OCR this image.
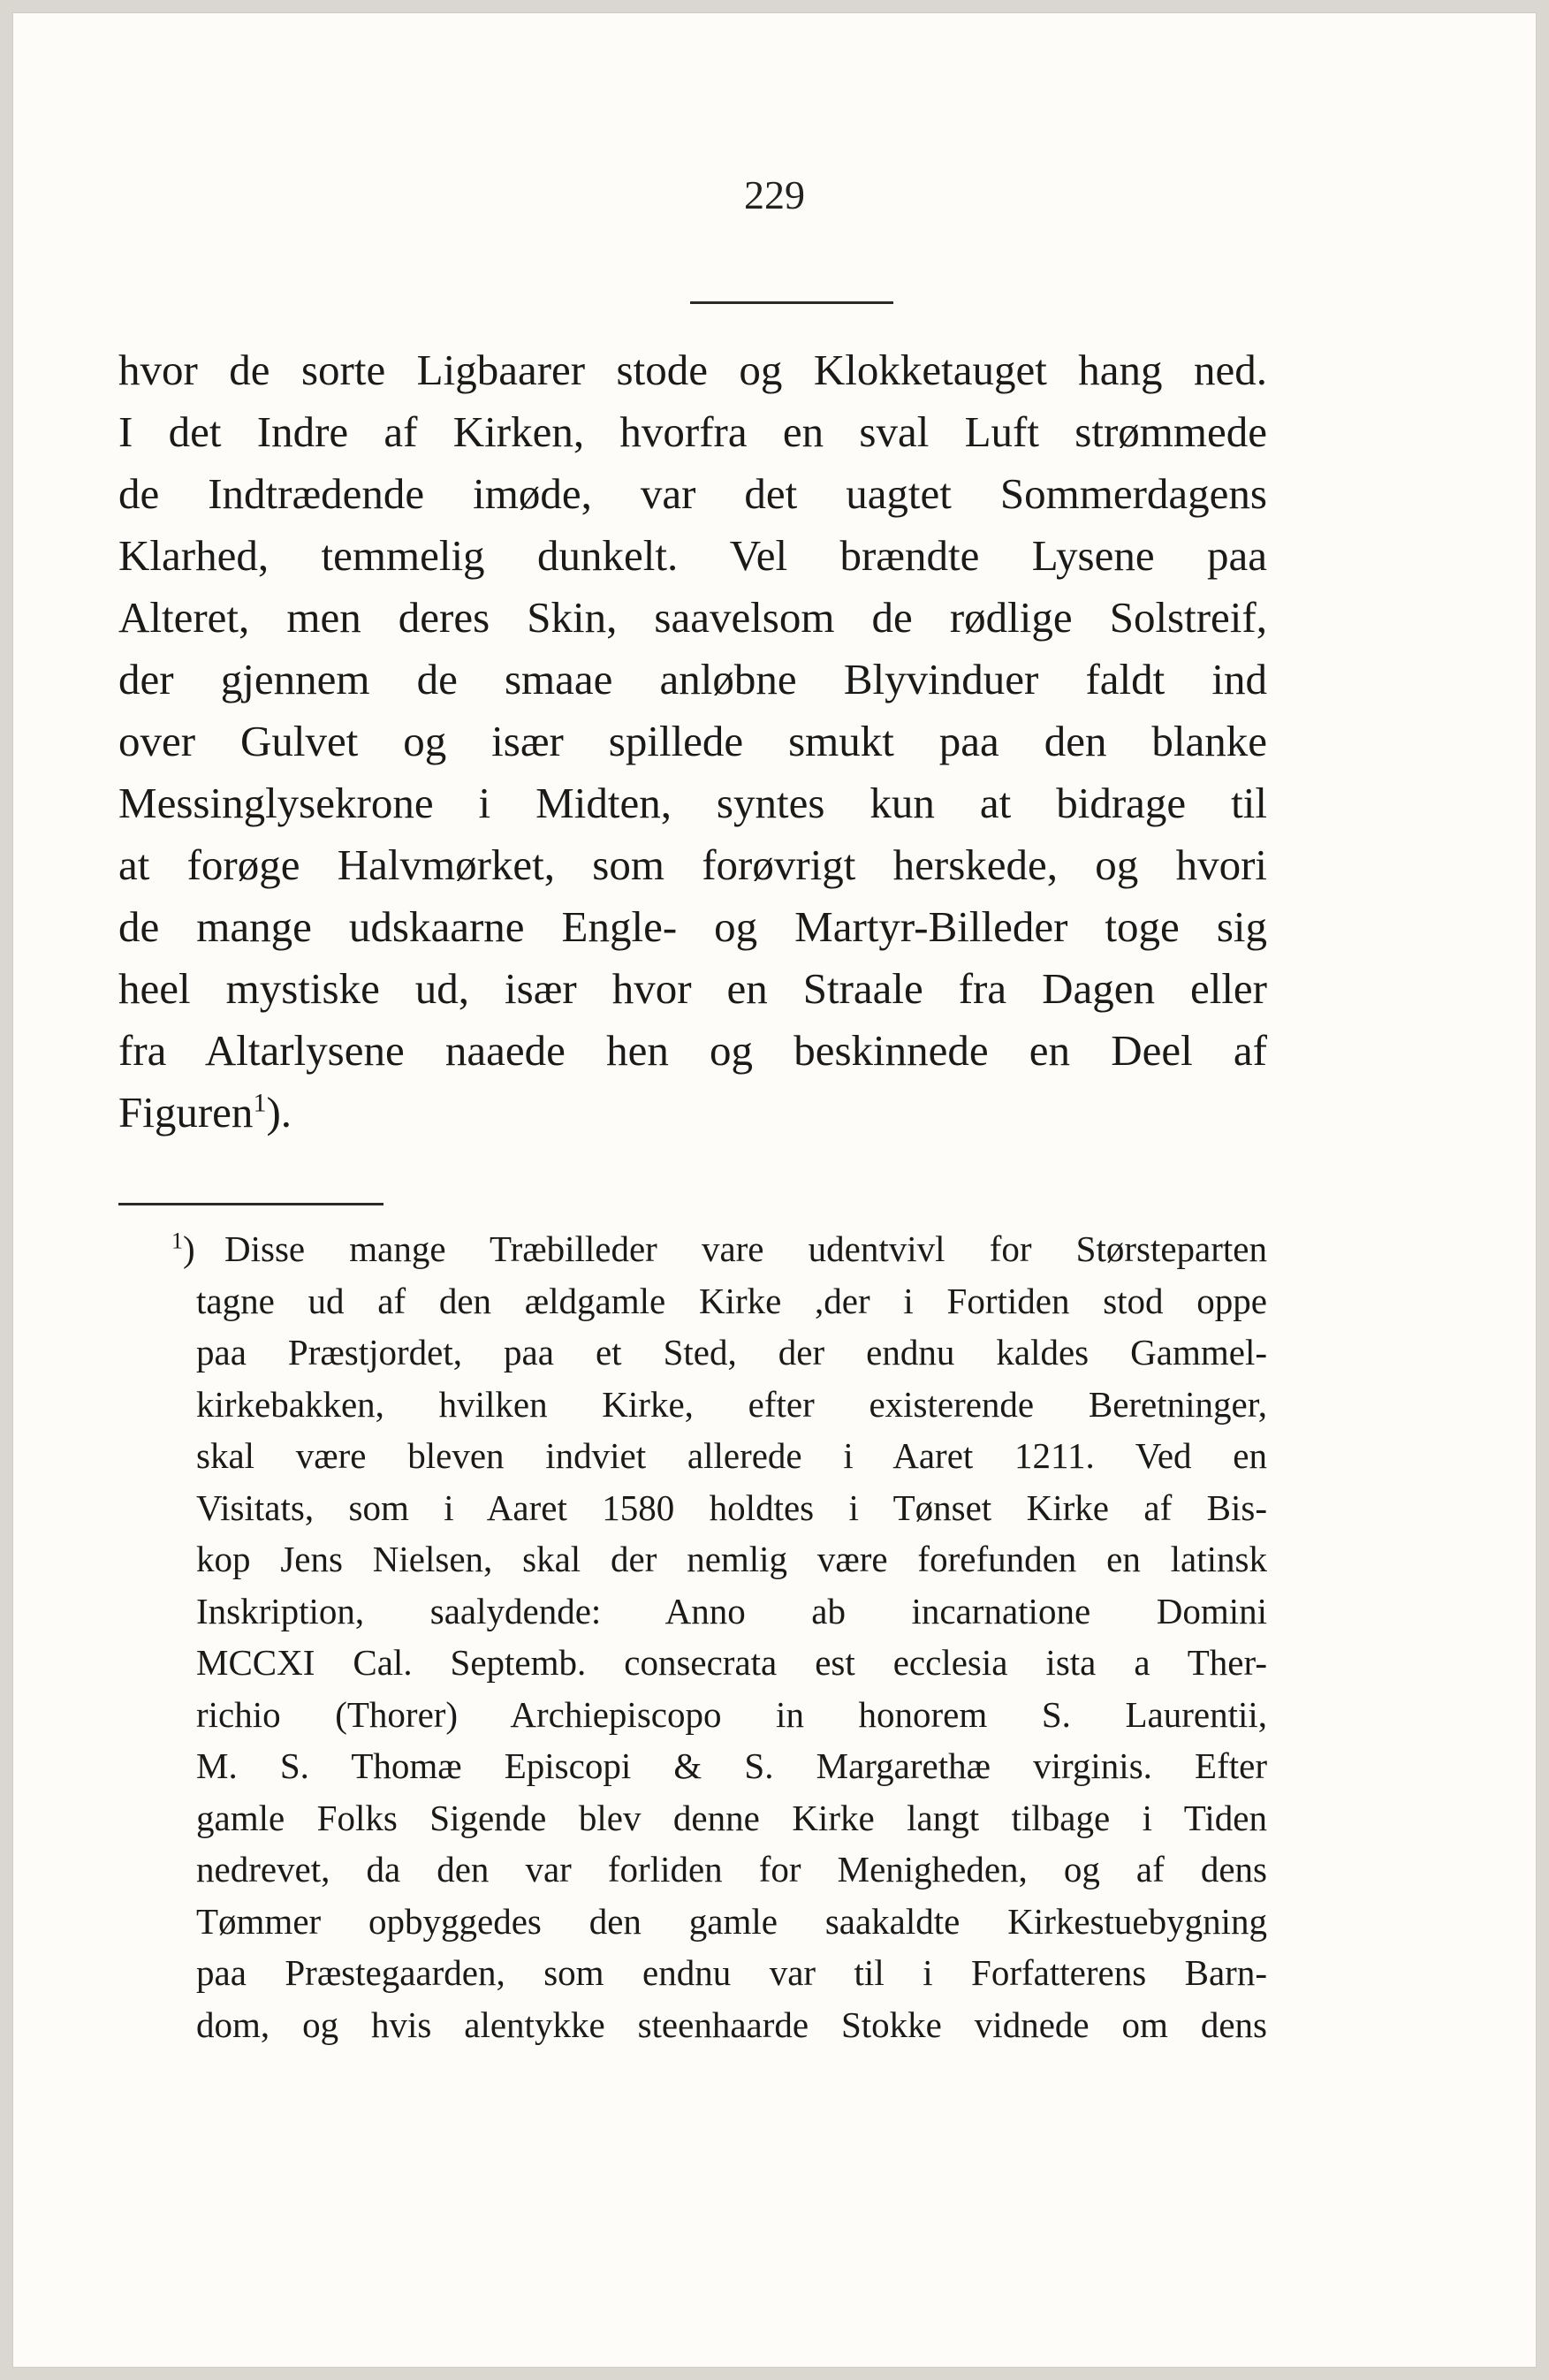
229
hvor de sorte Ligbaarer stode og Klokketauget hang ned.
I det Indre af Kirken, hvorfra en sval Luft strømmede
de Indtrædende imøde, var det uagtet Sommerdagens
Klarhed, temmelig dunkelt. Vel brændte Lysene paa
Alteret, men deres Skin, saavelsom de rødlige Solstreif,
der gjennem de smaae anløbne Blyvinduer faldt ind
over Gulvet og især spillede smukt paa den blanke
Messinglysekrone i Midten, syntes kun at bidrage til
at forøge Halvmørket, som forøvrigt herskede, og hvori
de mange udskaarne Engle- og Martyr-Billeder toge sig
heel mystiske ud, især hvor en Straale fra Dagen eller
fra Altarlysene naaede hen og beskinnede en Deel af
Figuren$^1$).
$^1$) Disse mange Træbilleder vare udentvivl for Størsteparten
tagne ud af den ældgamle Kirke ,der i Fortiden stod oppe
paa Præstjordet, paa et Sted, der endnu kaldes Gammel-
kirkebakken, hvilken Kirke, efter existerende Beretninger,
skal være bleven indviet allerede i Aaret 1211. Ved en
Visitats, som i Aaret 1580 holdtes i Tønset Kirke af Bis-
kop Jens Nielsen, skal der nemlig være forefunden en latinsk
Inskription, saalydende: Anno ab incarnatione Domini
MCCXI Cal. Septemb. consecrata est ecclesia ista a Ther-
richio (Thorer) Archiepiscopo in honorem S. Laurentii,
M. S. Thomæ Episcopi & S. Margarethæ virginis. Efter
gamle Folks Sigende blev denne Kirke langt tilbage i Tiden
nedrevet, da den var forliden for Menigheden, og af dens
Tømmer opbyggedes den gamle saakaldte Kirkestuebygning
paa Præstegaarden, som endnu var til i Forfatterens Barn-
dom, og hvis alentykke steenhaarde Stokke vidnede om dens
